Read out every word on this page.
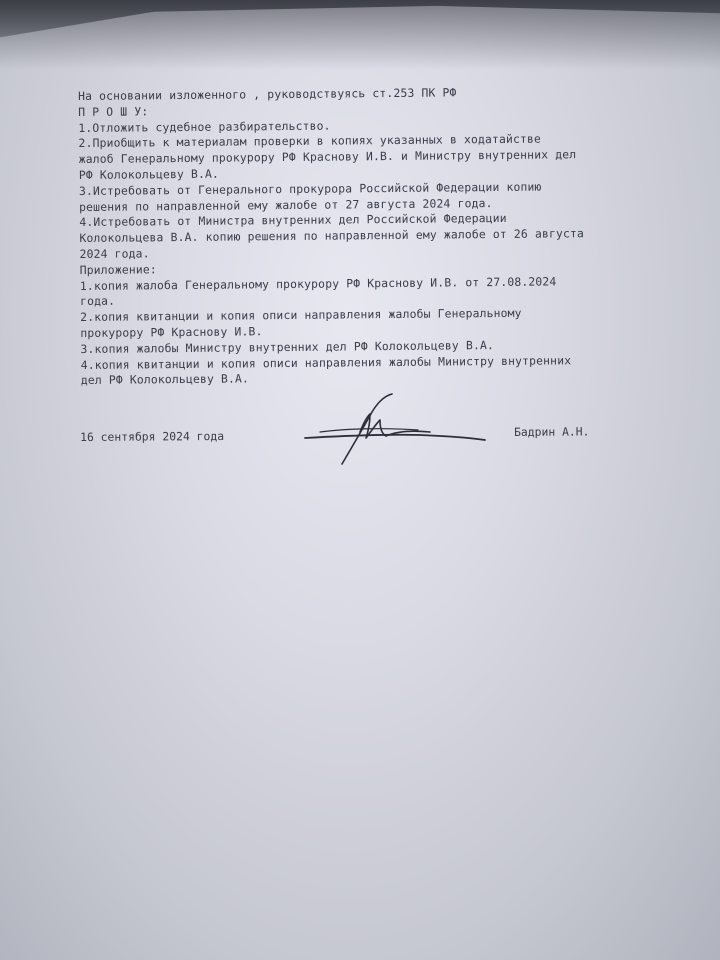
На основании изложенного , руководствуясь ст.253 ПК РФ
П Р О Ш У:
1.Отложить судебное разбирательство.
2.Приобщить к материалам проверки в копиях указанных в ходатайстве
жалоб Генеральному прокурору РФ Краснову И.В. и Министру внутренних дел
РФ Колокольцеву В.А.
3.Истребовать от Генерального прокурора Российской Федерации копию
решения по направленной ему жалобе от 27 августа 2024 года.
4.Истребовать от Министра внутренних дел Российской Федерации
Колокольцева В.А. копию решения по направленной ему жалобе от 26 августа
2024 года.
Приложение:
1.копия жалоба Генеральному прокурору РФ Краснову И.В. от 27.08.2024
года.
2.копия квитанции и копия описи направления жалобы Генеральному
прокурору РФ Краснову И.В.
3.копия жалобы Министру внутренних дел РФ Колокольцеву В.А.
4.копия квитанции и копия описи направления жалобы Министру внутренних
дел РФ Колокольцеву В.А.
16 сентября 2024 года	Бадрин А.Н.
